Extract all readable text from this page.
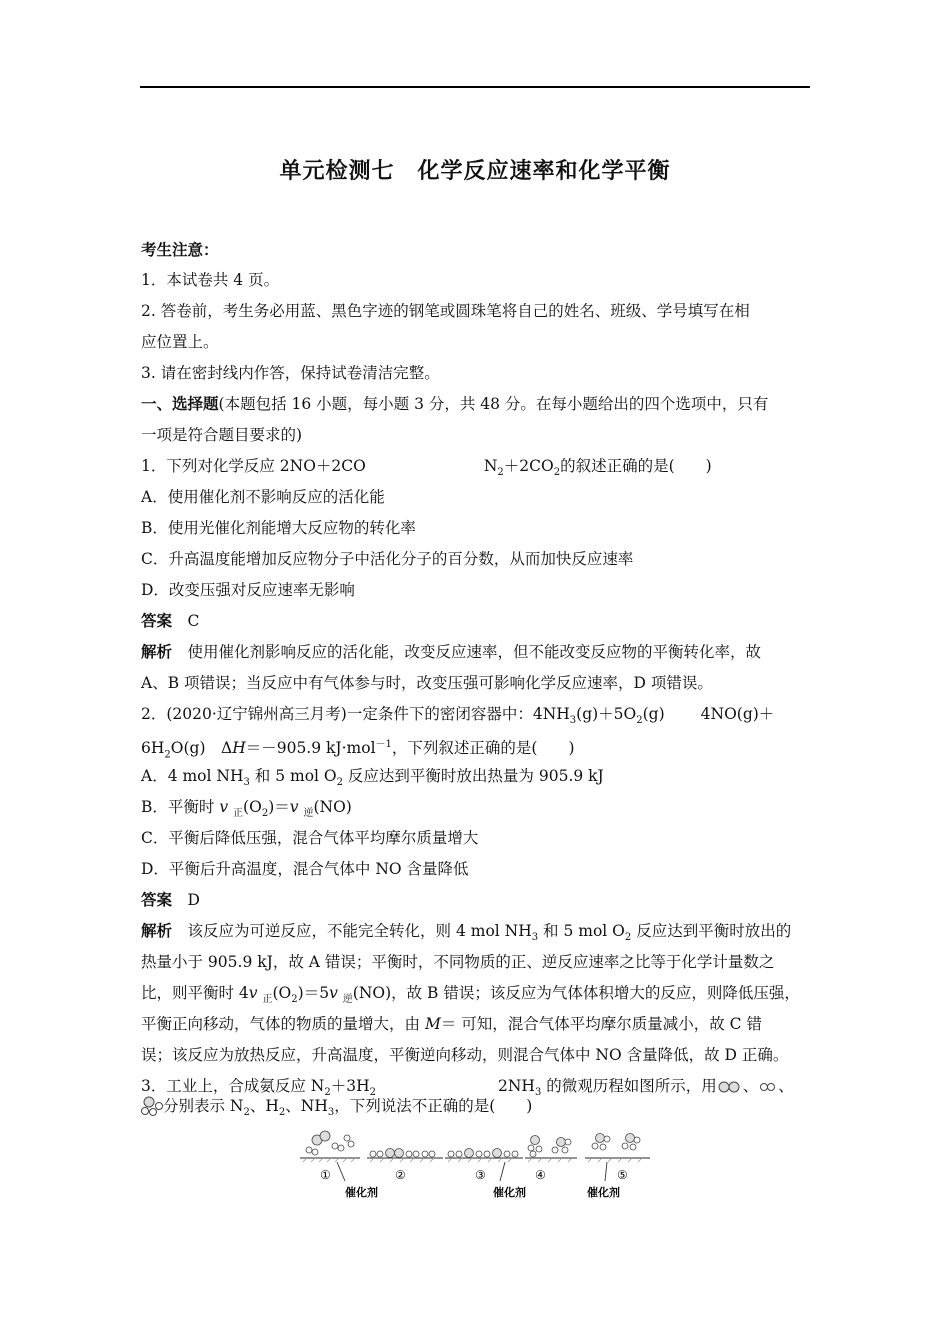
单元检测七　化学反应速率和化学平衡
考生注意：
1．本试卷共 4 页。
2. 答卷前，考生务必用蓝、黑色字迹的钢笔或圆珠笔将自己的姓名、班级、学号填写在相
应位置上。
3. 请在密封线内作答，保持试卷清洁完整。
一、选择题(本题包括 16 小题，每小题 3 分，共 48 分。在每小题给出的四个选项中，只有
一项是符合题目要求的)
1．下列对化学反应 2NO＋2CO	$N_2+2CO_2$的叙述正确的是(　　)
A．使用催化剂不影响反应的活化能
B．使用光催化剂能增大反应物的转化率
C．升高温度能增加反应物分子中活化分子的百分数，从而加快反应速率
D．改变压强对反应速率无影响
答案　 C
解析　 使用催化剂影响反应的活化能，改变反应速率，但不能改变反应物的平衡转化率，故
A、B 项错误；当反应中有气体参与时，改变压强可影响化学反应速率，D 项错误。
2．(2020·辽宁锦州高三月考)一定条件下的密闭容器中：$4NH_3(g)+5O_2(g)$ 4NO(g)＋
$6H_2O(g)$　ΔH＝－905.9 kJ·mol$^{-1}$，下列叙述正确的是(　　)
A．4 mol $NH_3$ 和 5 mol $O_2$ 反应达到平衡时放出热量为 905.9 kJ
B．平衡时 v $_正(O_2)=v$ $_逆$(NO)
C．平衡后降低压强，混合气体平均摩尔质量增大
D．平衡后升高温度，混合气体中 NO 含量降低
答案　 D
解析　 该反应为可逆反应，不能完全转化，则 4 mol $NH_3$ 和 5 mol $O_2$ 反应达到平衡时放出的
热量小于 905.9 kJ，故 A 错误；平衡时，不同物质的正、逆反应速率之比等于化学计量数之
比，则平衡时 4v $_正(O_2)=5v$ $_逆$(NO)，故 B 错误；该反应为气体体积增大的反应，则降低压强，
平衡正向移动，气体的物质的量增大，由 M＝ 可知，混合气体平均摩尔质量减小，故 C 错
误；该反应为放热反应，升高温度，平衡逆向移动，则混合气体中 NO 含量降低，故 D 正确。
3．工业上，合成氨反应 $N_2+3H_2$	$2NH_3$ 的微观历程如图所示，用 、 、
分别表示 $N_2$、$H_2$、$NH_3$，下列说法不正确的是(　　)
①	②	③	④	⑤
催化剂	催化剂	催化剂
